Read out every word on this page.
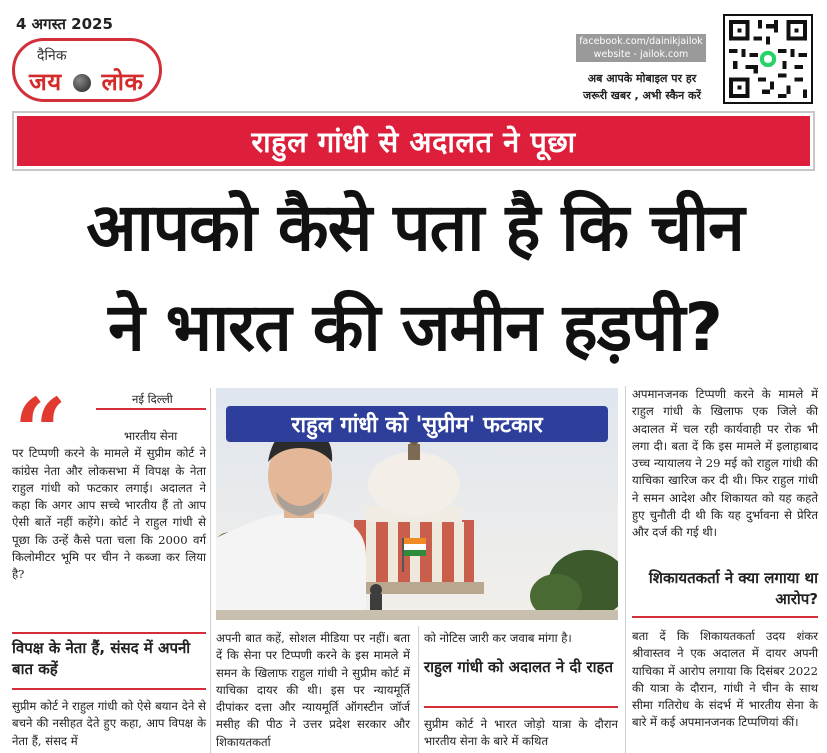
4 अगस्त 2025
दैनिक
जय लोक
facebook.com/dainikjailok
website - jailok.com
अब आपके मोबाइल पर हर
जरूरी खबर , अभी स्कैन करें
राहुल गांधी से अदालत ने पूछा
आपको कैसे पता है कि चीन
ने भारत की जमीन हड़पी?
“	नई दिल्ली
भारतीय सेना
पर टिप्पणी करने के मामले में सुप्रीम कोर्ट ने कांग्रेस नेता और लोकसभा में विपक्ष के नेता राहुल गांधी को फटकार लगाई। अदालत ने कहा कि अगर आप सच्चे भारतीय हैं तो आप ऐसी बातें नहीं कहेंगे। कोर्ट ने राहुल गांधी से पूछा कि उन्हें कैसे पता चला कि 2000 वर्ग किलोमीटर भूमि पर चीन ने कब्जा कर लिया है?
विपक्ष के नेता हैं, संसद में अपनी बात कहें
सुप्रीम कोर्ट ने राहुल गांधी को ऐसे बयान देने से बचने की नसीहत देते हुए कहा, आप विपक्ष के नेता हैं, संसद में
राहुल गांधी को 'सुप्रीम' फटकार
अपनी बात कहें, सोशल मीडिया पर नहीं। बता दें कि सेना पर टिप्पणी करने के इस मामले में समन के खिलाफ राहुल गांधी ने सुप्रीम कोर्ट में याचिका दायर की थी। इस पर न्यायमूर्ति दीपांकर दत्ता और न्यायमूर्ति ऑगस्टीन जॉर्ज मसीह की पीठ ने उत्तर प्रदेश सरकार और शिकायतकर्ता
को नोटिस जारी कर जवाब मांगा है।
राहुल गांधी को अदालत ने दी राहत
सुप्रीम कोर्ट ने भारत जोड़ो यात्रा के दौरान भारतीय सेना के बारे में कथित
अपमानजनक टिप्पणी करने के मामले में राहुल गांधी के खिलाफ एक जिले की अदालत में चल रही कार्यवाही पर रोक भी लगा दी। बता दें कि इस मामले में इलाहाबाद उच्च न्यायालय ने 29 मई को राहुल गांधी की याचिका खारिज कर दी थी। फिर राहुल गांधी ने समन आदेश और शिकायत को यह कहते हुए चुनौती दी थी कि यह दुर्भावना से प्रेरित और दर्ज की गई थी।
शिकायतकर्ता ने क्या लगाया था आरोप?
बता दें कि शिकायतकर्ता उदय शंकर श्रीवास्तव ने एक अदालत में दायर अपनी याचिका में आरोप लगाया कि दिसंबर 2022 की यात्रा के दौरान, गांधी ने चीन के साथ सीमा गतिरोध के संदर्भ में भारतीय सेना के बारे में कई अपमानजनक टिप्पणियां कीं।
